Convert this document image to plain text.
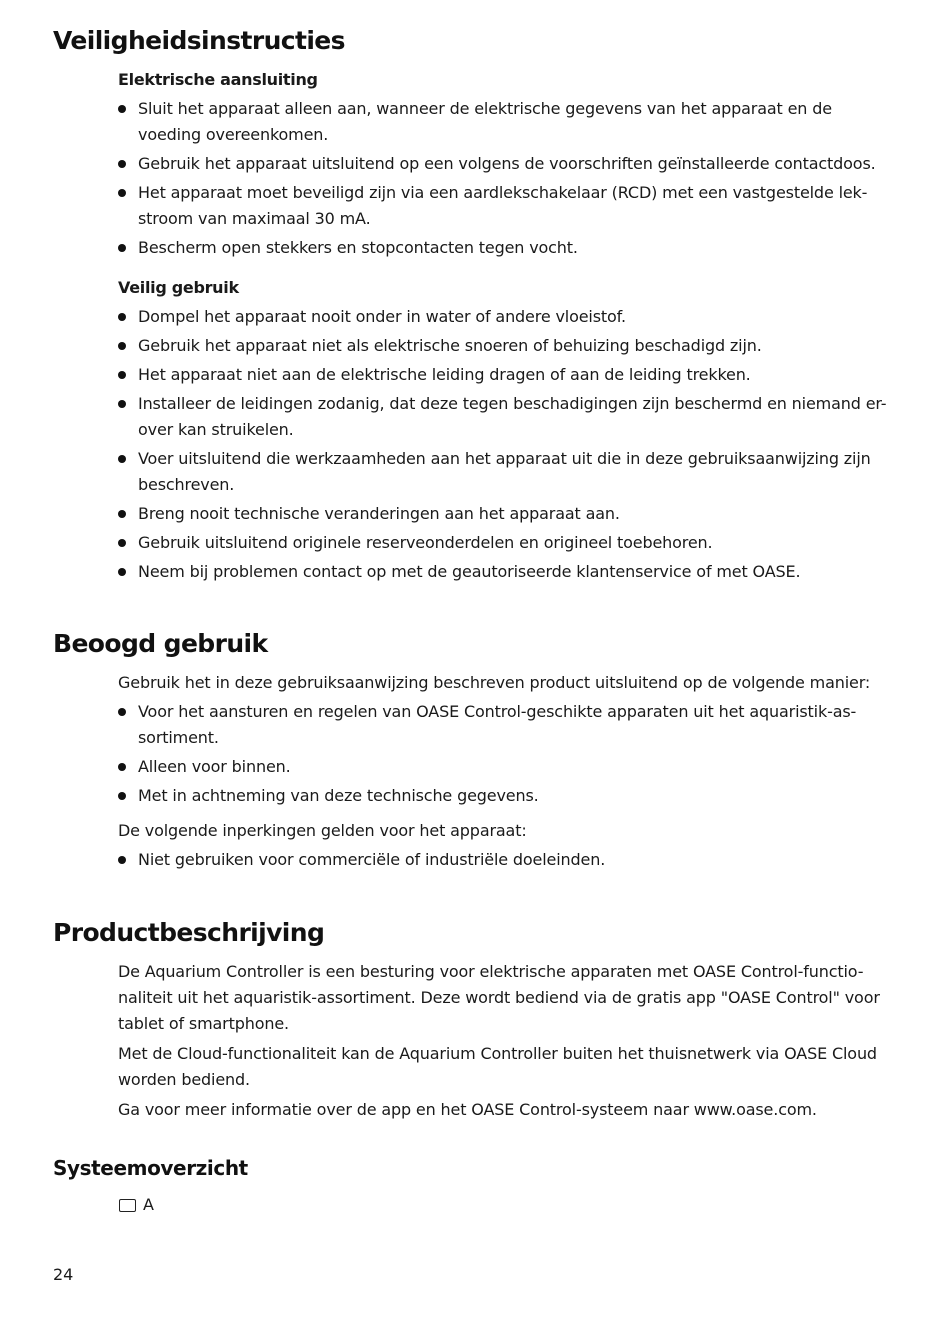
Veiligheidsinstructies
Elektrische aansluiting
Sluit het apparaat alleen aan, wanneer de elektrische gegevens van het apparaat en de voeding overeenkomen.
Gebruik het apparaat uitsluitend op een volgens de voorschriften geïnstalleerde contactdoos.
Het apparaat moet beveiligd zijn via een aardlekschakelaar (RCD) met een vastgestelde lek-stroom van maximaal 30 mA.
Bescherm open stekkers en stopcontacten tegen vocht.
Veilig gebruik
Dompel het apparaat nooit onder in water of andere vloeistof.
Gebruik het apparaat niet als elektrische snoeren of behuizing beschadigd zijn.
Het apparaat niet aan de elektrische leiding dragen of aan de leiding trekken.
Installeer de leidingen zodanig, dat deze tegen beschadigingen zijn beschermd en niemand er-over kan struikelen.
Voer uitsluitend die werkzaamheden aan het apparaat uit die in deze gebruiksaanwijzing zijn beschreven.
Breng nooit technische veranderingen aan het apparaat aan.
Gebruik uitsluitend originele reserveonderdelen en origineel toebehoren.
Neem bij problemen contact op met de geautoriseerde klantenservice of met OASE.
Beoogd gebruik

Gebruik het in deze gebruiksaanwijzing beschreven product uitsluitend op de volgende manier:

Voor het aansturen en regelen van OASE Control-geschikte apparaten uit het aquaristik-as-sortiment.
Alleen voor binnen.
Met in achtneming van deze technische gegevens.

De volgende inperkingen gelden voor het apparaat:

Niet gebruiken voor commerciële of industriële doeleinden.
Productbeschrijving

De Aquarium Controller is een besturing voor elektrische apparaten met OASE Control-functio-naliteit uit het aquaristik-assortiment. Deze wordt bediend via de gratis app "OASE Control" voor tablet of smartphone.

Met de Cloud-functionaliteit kan de Aquarium Controller buiten het thuisnetwerk via OASE Cloud worden bediend.

Ga voor meer informatie over de app en het OASE Control-systeem naar www.oase.com.

Systeemoverzicht
A
24
